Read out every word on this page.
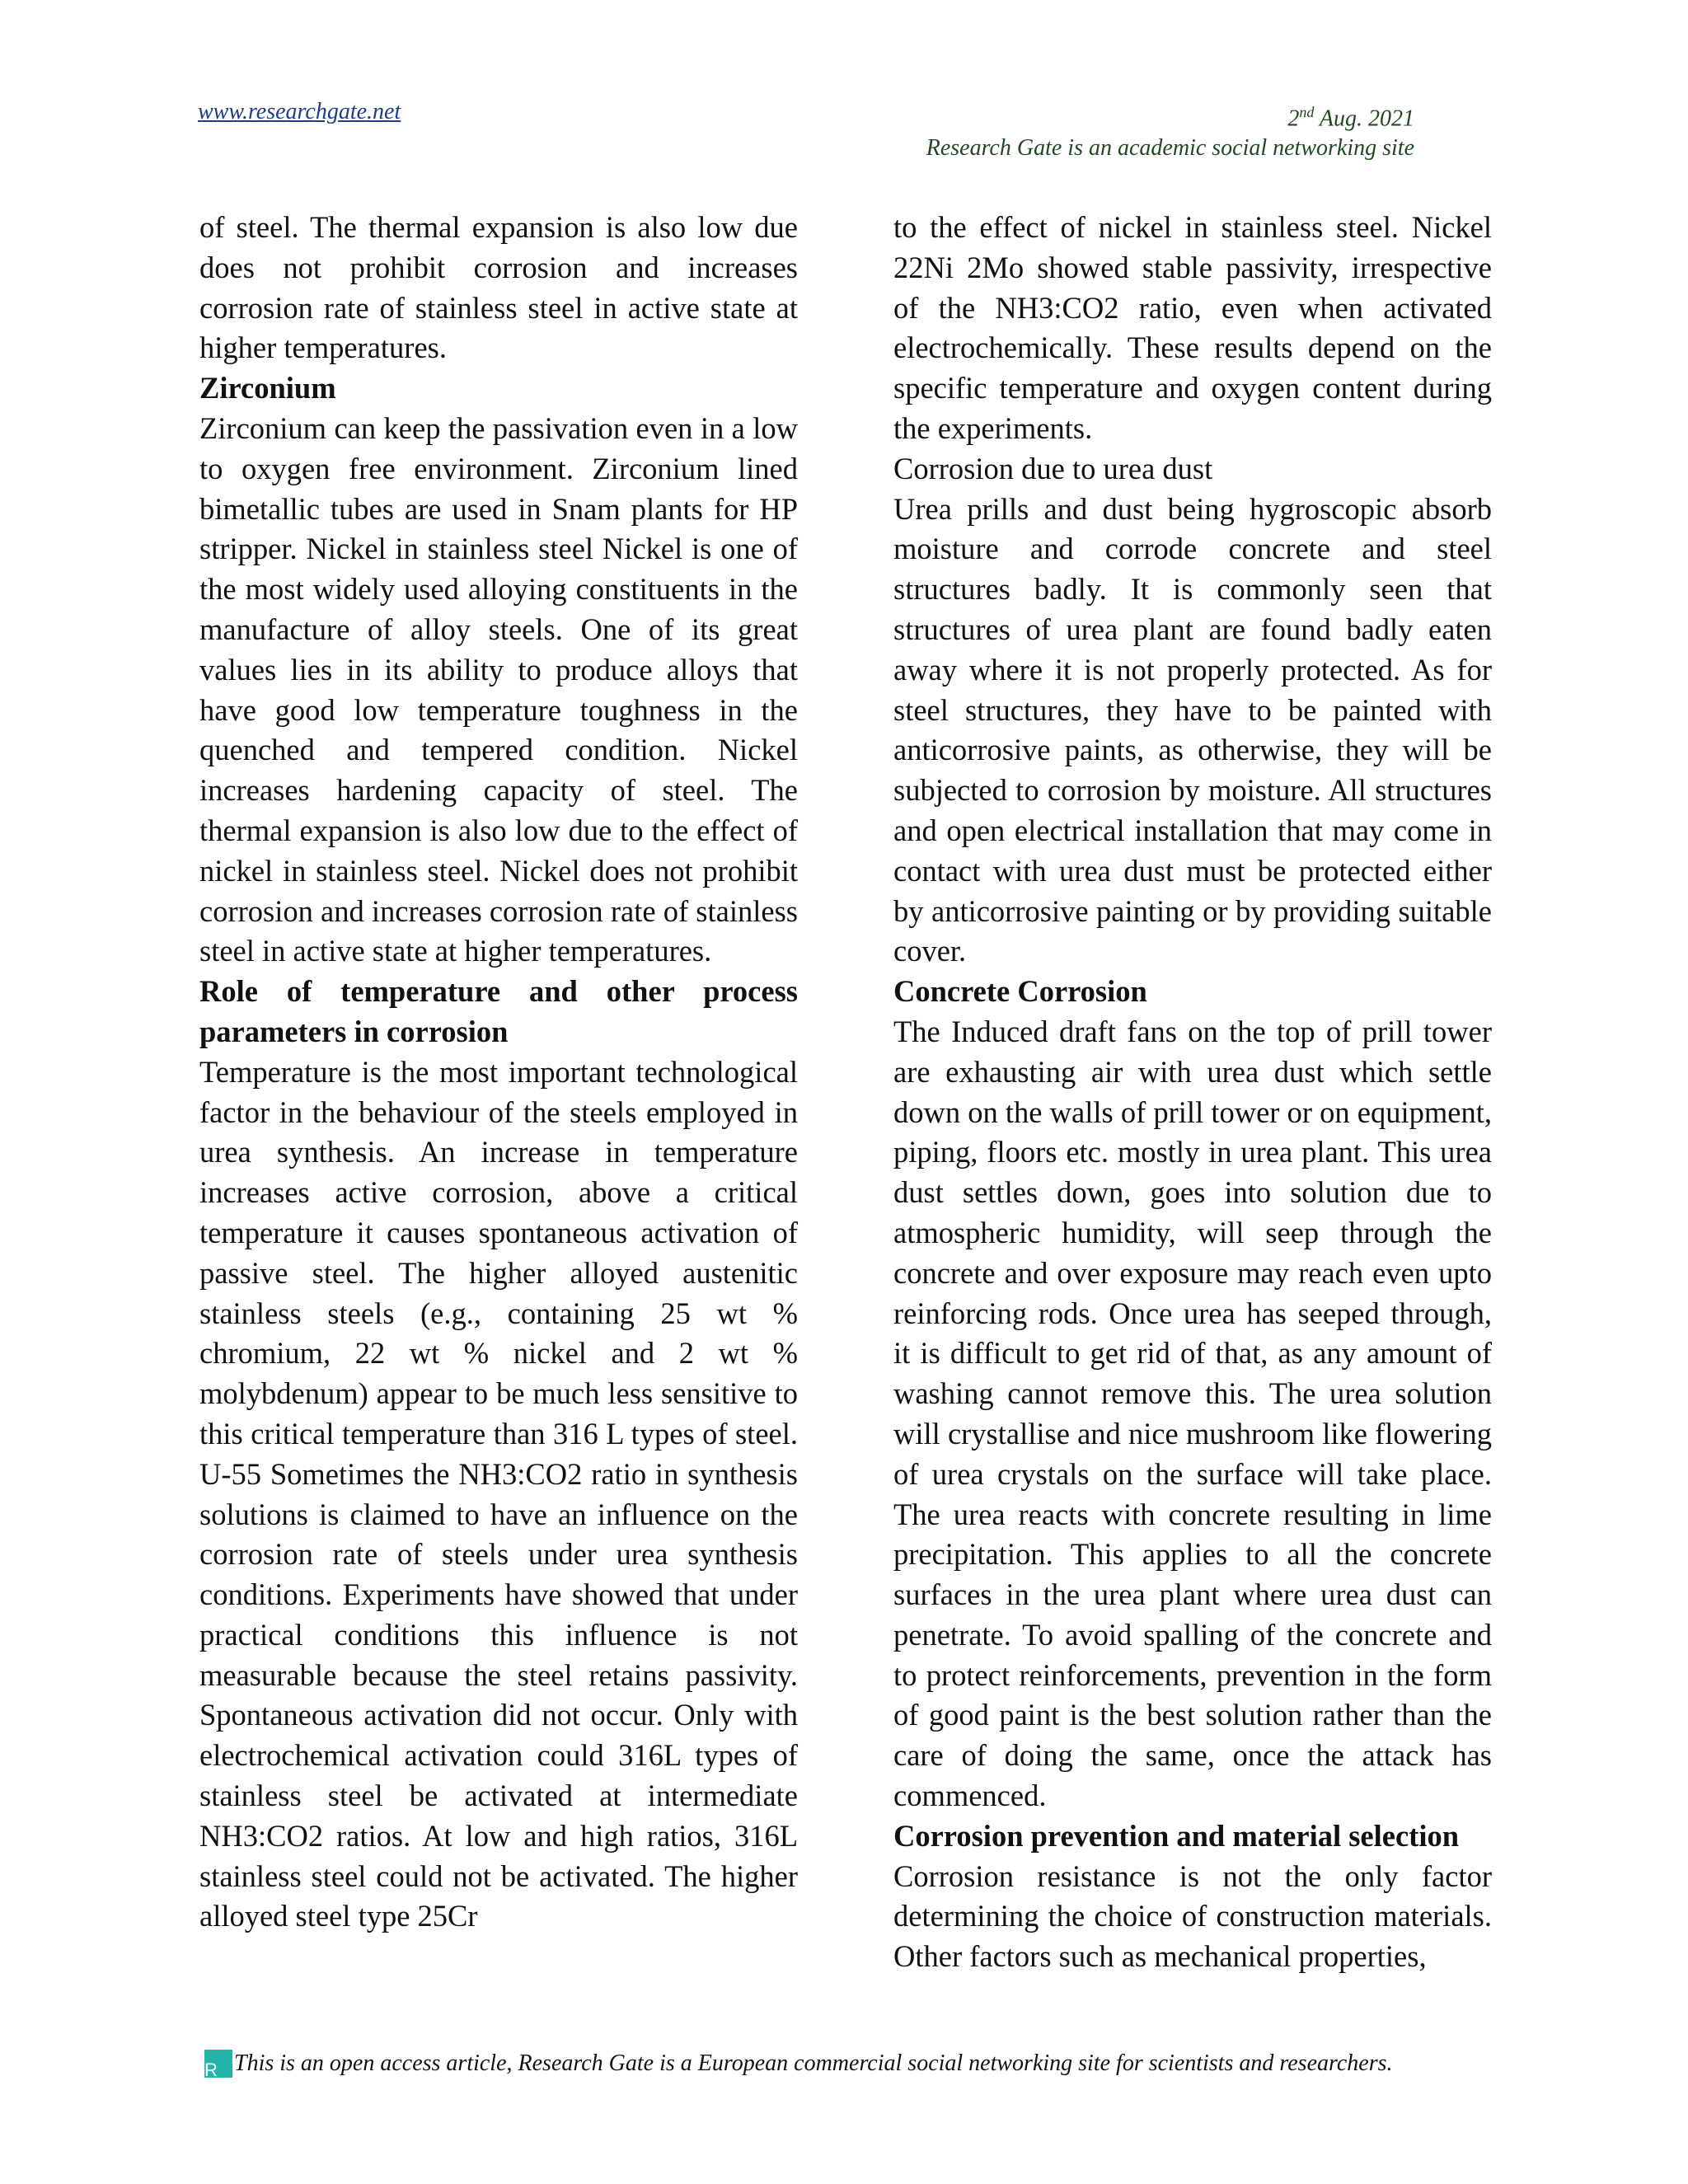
www.researchgate.net	2nd Aug. 2021
Research Gate is an academic social networking site

of steel. The thermal expansion is also low due does not prohibit corrosion and increases corrosion rate of stainless steel in active state at higher temperatures.

Zirconium

Zirconium can keep the passivation even in a low to oxygen free environment. Zirconium lined bimetallic tubes are used in Snam plants for HP stripper. Nickel in stainless steel Nickel is one of the most widely used alloying constituents in the manufacture of alloy steels. One of its great values lies in its ability to produce alloys that have good low temperature toughness in the quenched and tempered condition. Nickel increases hardening capacity of steel. The thermal expansion is also low due to the effect of nickel in stainless steel. Nickel does not prohibit corrosion and increases corrosion rate of stainless steel in active state at higher temperatures.

Role of temperature and other process parameters in corrosion

Temperature is the most important technological factor in the behaviour of the steels employed in urea synthesis. An increase in temperature increases active corrosion, above a critical temperature it causes spontaneous activation of passive steel. The higher alloyed austenitic stainless steels (e.g., containing 25 wt % chromium, 22 wt % nickel and 2 wt % molybdenum) appear to be much less sensitive to this critical temperature than 316 L types of steel. U-55 Sometimes the NH3:CO2 ratio in synthesis solutions is claimed to have an influence on the corrosion rate of steels under urea synthesis conditions. Experiments have showed that under practical conditions this influence is not measurable because the steel retains passivity. Spontaneous activation did not occur. Only with electrochemical activation could 316L types of stainless steel be activated at intermediate NH3:CO2 ratios. At low and high ratios, 316L stainless steel could not be activated. The higher alloyed steel type 25Cr

to the effect of nickel in stainless steel. Nickel 22Ni 2Mo showed stable passivity, irrespective of the NH3:CO2 ratio, even when activated electrochemically. These results depend on the specific temperature and oxygen content during the experiments.

Corrosion due to urea dust

Urea prills and dust being hygroscopic absorb moisture and corrode concrete and steel structures badly. It is commonly seen that structures of urea plant are found badly eaten away where it is not properly protected. As for steel structures, they have to be painted with anticorrosive paints, as otherwise, they will be subjected to corrosion by moisture. All structures and open electrical installation that may come in contact with urea dust must be protected either by anticorrosive painting or by providing suitable cover.

Concrete Corrosion

The Induced draft fans on the top of prill tower are exhausting air with urea dust which settle down on the walls of prill tower or on equipment, piping, floors etc. mostly in urea plant. This urea dust settles down, goes into solution due to atmospheric humidity, will seep through the concrete and over exposure may reach even upto reinforcing rods. Once urea has seeped through, it is difficult to get rid of that, as any amount of washing cannot remove this. The urea solution will crystallise and nice mushroom like flowering of urea crystals on the surface will take place. The urea reacts with concrete resulting in lime precipitation. This applies to all the concrete surfaces in the urea plant where urea dust can penetrate. To avoid spalling of the concrete and to protect reinforcements, prevention in the form of good paint is the best solution rather than the care of doing the same, once the attack has commenced.

Corrosion prevention and material selection

Corrosion resistance is not the only factor determining the choice of construction materials. Other factors such as mechanical properties,

R This is an open access article, Research Gate is a European commercial social networking site for scientists and researchers.
